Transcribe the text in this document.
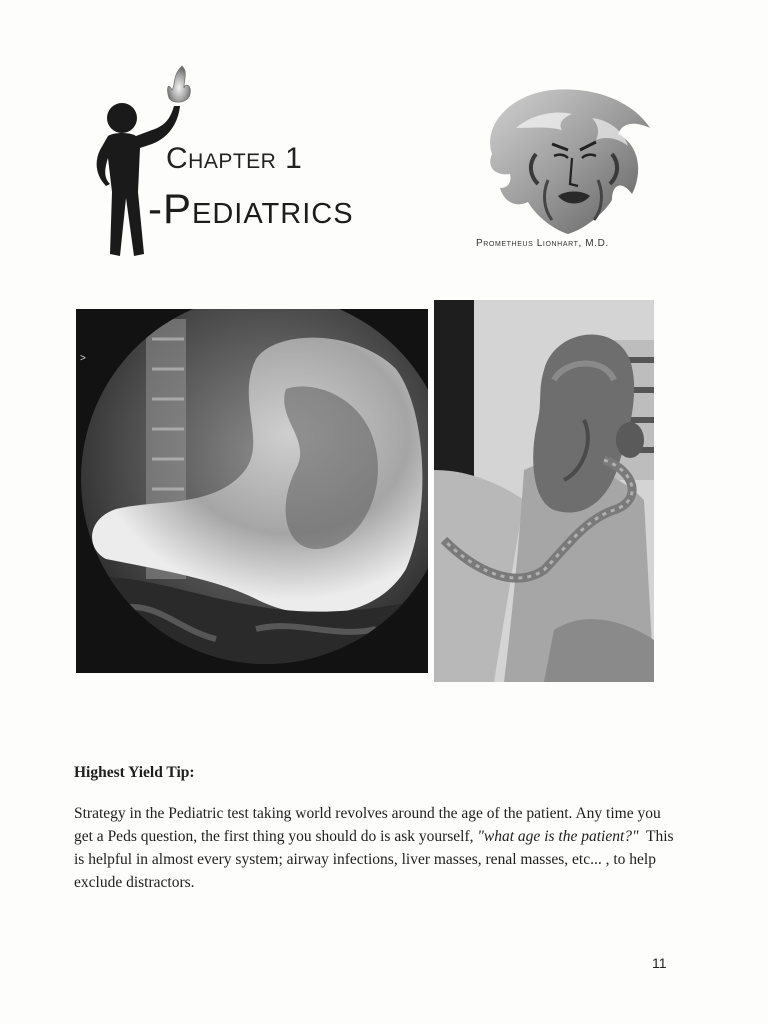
Chapter 1
-Pediatrics
Prometheus Lionhart, M.D.
>
Highest Yield Tip:
Strategy in the Pediatric test taking world revolves around the age of the patient. Any time you get a Peds question, the first thing you should do is ask yourself, "what age is the patient?"  This is helpful in almost every system; airway infections, liver masses, renal masses, etc... , to help exclude distractors.
11
